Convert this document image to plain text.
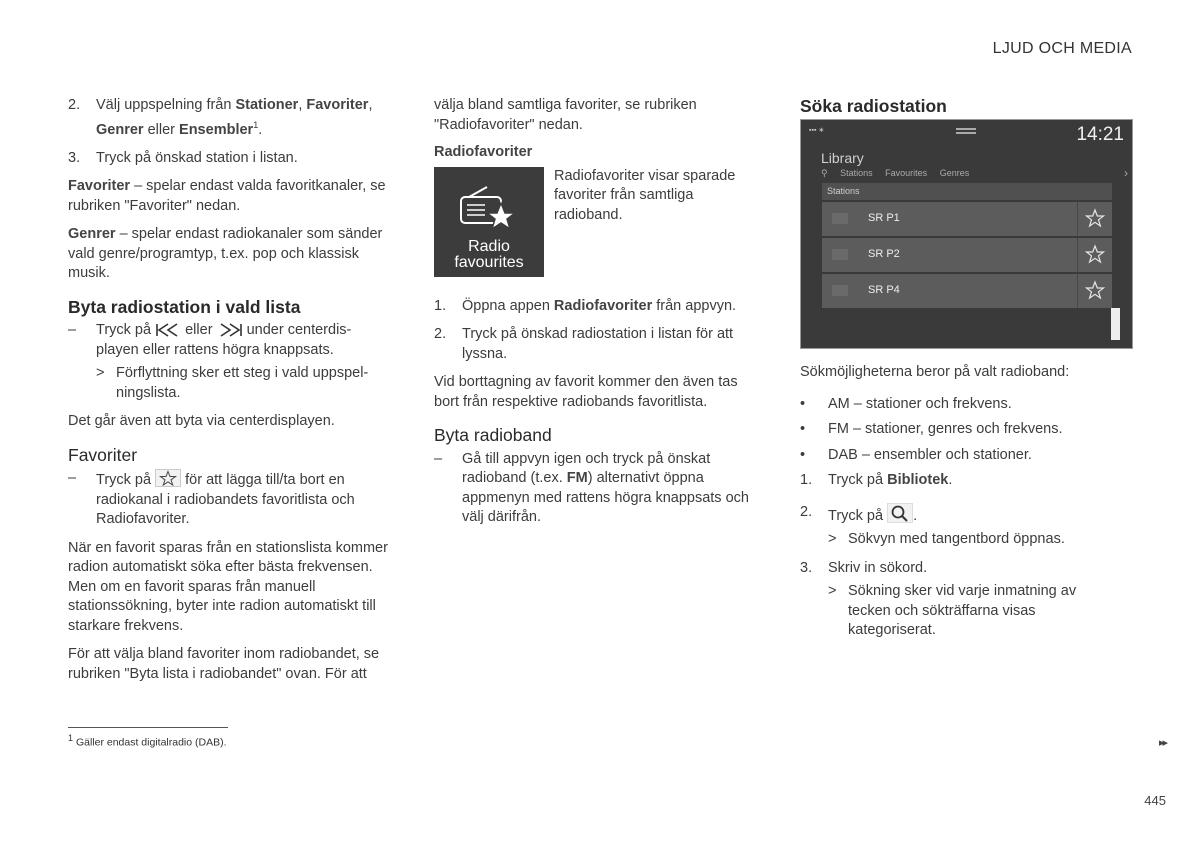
LJUD OCH MEDIA
2. Välj uppspelning från Stationer, Favoriter, Genrer eller Ensembler$^1$.
3. Tryck på önskad station i listan.

Favoriter – spelar endast valda favoritkanaler, se rubriken "Favoriter" nedan.

Genrer – spelar endast radiokanaler som sänder vald genre/programtyp, t.ex. pop och klassisk musik.

Byta radiostation i vald lista
– Tryck på  eller  under centerdis- playen eller rattens högra knappsats.
> Förflyttning sker ett steg i vald uppspel- ningslista.

Det går även att byta via centerdisplayen.

Favoriter
– Tryck på  för att lägga till/ta bort en radiokanal i radiobandets favoritlista och Radiofavoriter.

När en favorit sparas från en stationslista kommer radion automatiskt söka efter bästa frekvensen. Men om en favorit sparas från manuell stationssökning, byter inte radion automatiskt till starkare frekvens.

För att välja bland favoriter inom radiobandet, se rubriken "Byta lista i radiobandet" ovan. För att

välja bland samtliga favoriter, se rubriken "Radiofavoriter" nedan.

Radiofavoriter
Radio
favourites
Radiofavoriter visar sparade favoriter från samtliga radioband.
1. Öppna appen Radiofavoriter från appvyn.
2. Tryck på önskad radiostation i listan för att lyssna.

Vid borttagning av favorit kommer den även tas bort från respektive radiobands favoritlista.

Byta radioband
– Gå till appvyn igen och tryck på önskat radioband (t.ex. FM) alternativt öppna appmenyn med rattens högra knappsats och välj därifrån.
Söka radiostation
▪▪▪ ∗	14:21
Library
⚲ Stations Favourites Genres	›
Stations
SR P1
SR P2
SR P4

Sökmöjligheterna beror på valt radioband:

• AM – stationer och frekvens.
• FM – stationer, genres och frekvens.
• DAB – ensembler och stationer.
1. Tryck på Bibliotek.
2. Tryck på .
> Sökvyn med tangentbord öppnas.
3. Skriv in sökord.
> Sökning sker vid varje inmatning av tecken och sökträffarna visas kategoriserat.
$^1$ Gäller endast digitalradio (DAB).	▸▸
445
